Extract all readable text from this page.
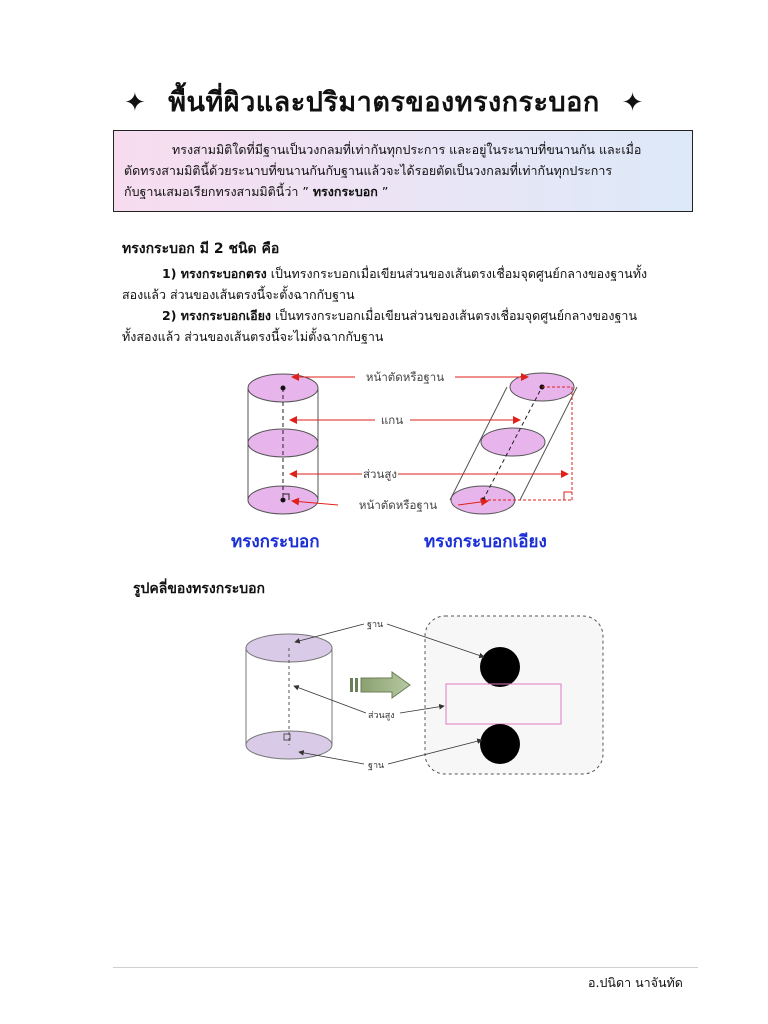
✦ พื้นที่ผิวและปริมาตรของทรงกระบอก ✦

ทรงสามมิติใดที่มีฐานเป็นวงกลมที่เท่ากันทุกประการ และอยู่ในระนาบที่ขนานกัน และเมื่อ

ตัดทรงสามมิตินี้ด้วยระนาบที่ขนานกันกับฐานแล้วจะได้รอยตัดเป็นวงกลมที่เท่ากันทุกประการ

กับฐานเสมอเรียกทรงสามมิตินี้ว่า ” ทรงกระบอก ”

ทรงกระบอก มี 2 ชนิด คือ

1) ทรงกระบอกตรง เป็นทรงกระบอกเมื่อเขียนส่วนของเส้นตรงเชื่อมจุดศูนย์กลางของฐานทั้ง

สองแล้ว ส่วนของเส้นตรงนี้จะตั้งฉากกับฐาน

2) ทรงกระบอกเอียง เป็นทรงกระบอกเมื่อเขียนส่วนของเส้นตรงเชื่อมจุดศูนย์กลางของฐาน

ทั้งสองแล้ว ส่วนของเส้นตรงนี้จะไม่ตั้งฉากกับฐาน

หน้าตัดหรือฐาน
แกน
ส่วนสูง
หน้าตัดหรือฐาน
ทรงกระบอก	ทรงกระบอกเอียง
รูปคลี่ของทรงกระบอก
ฐาน
ส่วนสูง
ฐาน
อ.ปนิดา นาจันทัด
